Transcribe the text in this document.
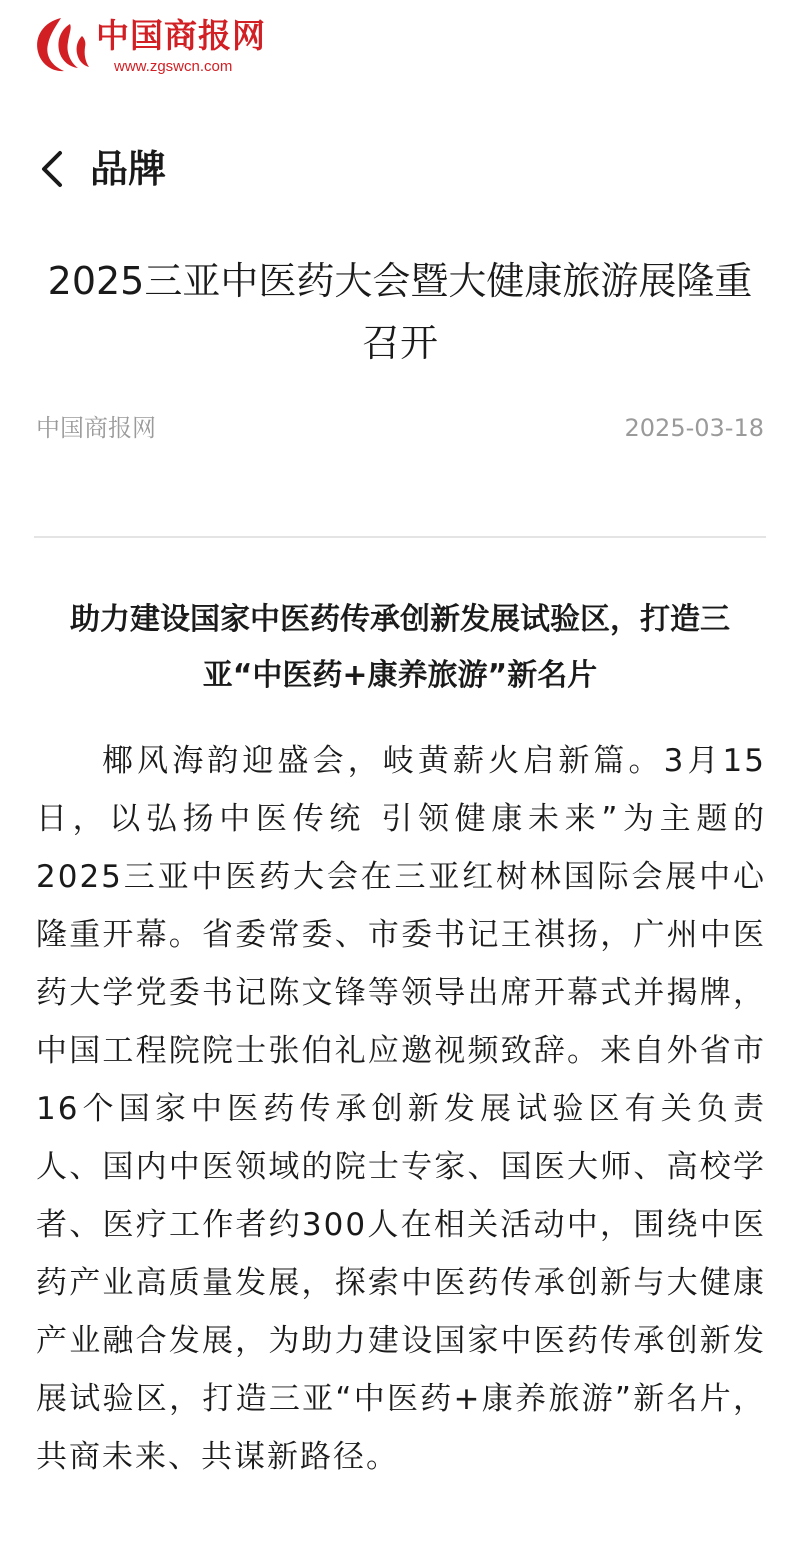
中国商报网
www.zgswcn.com
品牌
2025三亚中医药大会暨大健康旅游展隆重召开
中国商报网	2025-03-18

助力建设国家中医药传承创新发展试验区，打造三亚“中医药+康养旅游”新名片

椰风海韵迎盛会，岐黄薪火启新篇。3月15日，以弘扬中医传统 引领健康未来”为主题的2025三亚中医药大会在三亚红树林国际会展中心隆重开幕。省委常委、市委书记王祺扬，广州中医药大学党委书记陈文锋等领导出席开幕式并揭牌，中国工程院院士张伯礼应邀视频致辞。来自外省市16个国家中医药传承创新发展试验区有关负责人、国内中医领域的院士专家、国医大师、高校学者、医疗工作者约300人在相关活动中，围绕中医药产业高质量发展，探索中医药传承创新与大健康产业融合发展，为助力建设国家中医药传承创新发展试验区，打造三亚“中医药+康养旅游”新名片，共商未来、共谋新路径。
